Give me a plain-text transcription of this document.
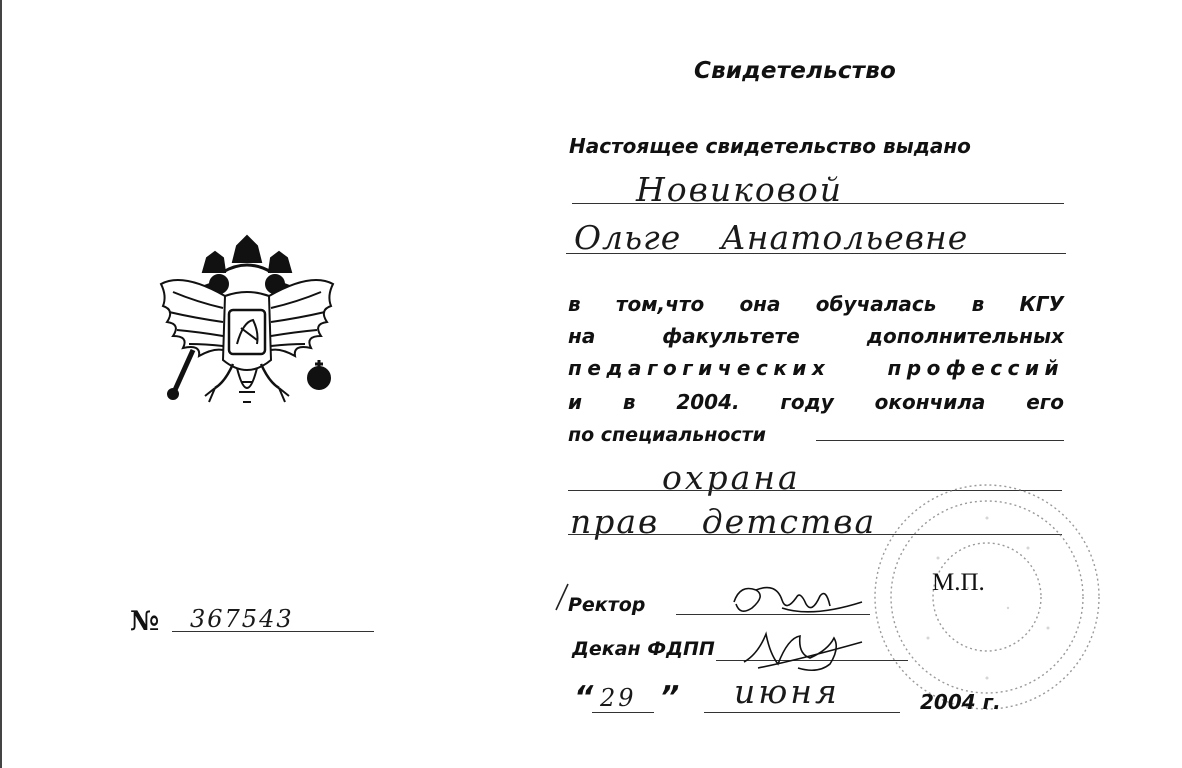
Свидетельство
Настоящее свидетельство выдано
Новиковой
Ольге Анатольевне
в том,что она обучалась в КГУ
на	факультете	дополнительных
педагогических	профессий
и в 2004. году окончила его
по специальности
охрана
прав детства
М.П.
Ректор
Декан ФДПП
“ 29 ” июня	2004 г.
№ 367543
